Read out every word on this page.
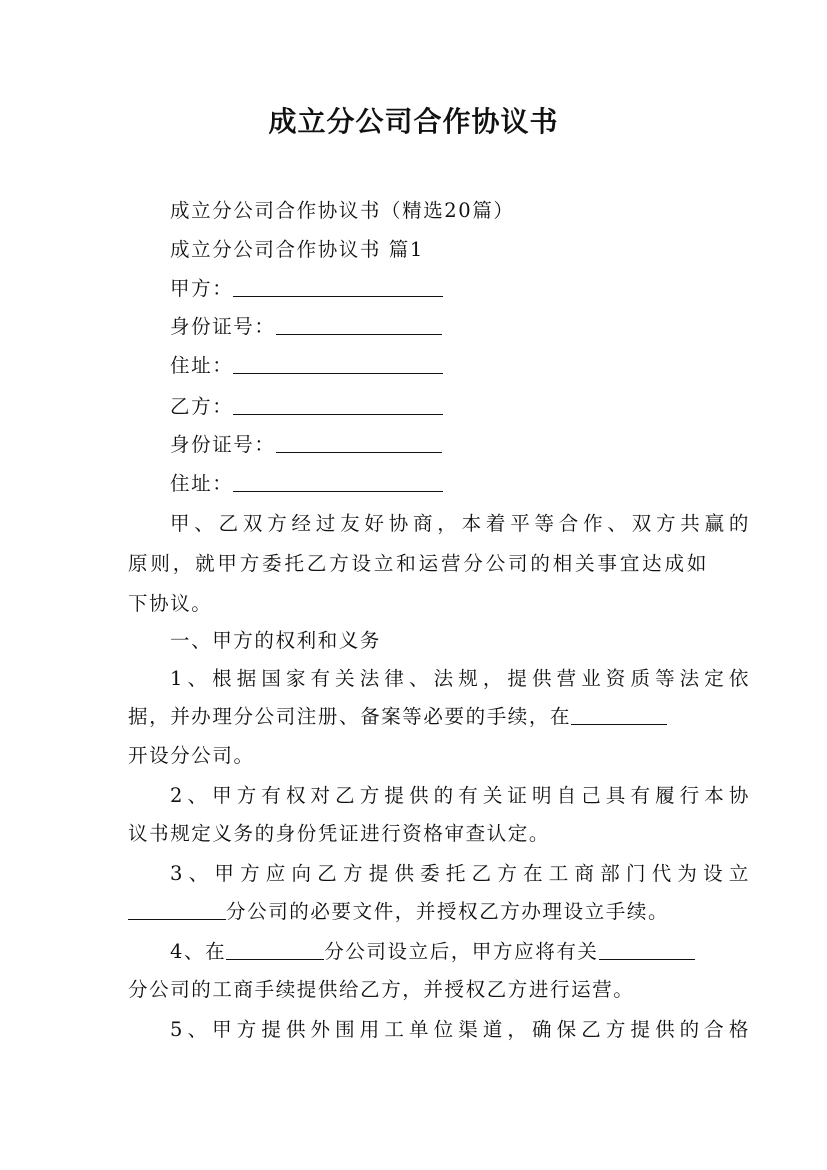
成立分公司合作协议书
成立分公司合作协议书（精选20篇）
成立分公司合作协议书 篇1
甲方：
身份证号：
住址：
乙方：
身份证号：
住址：
甲、乙双方经过友好协商，本着平等合作、双方共赢的
原则，就甲方委托乙方设立和运营分公司的相关事宜达成如
下协议。
一、甲方的权利和义务
1、根据国家有关法律、法规，提供营业资质等法定依
据，并办理分公司注册、备案等必要的手续，在
开设分公司。
2、甲方有权对乙方提供的有关证明自己具有履行本协
议书规定义务的身份凭证进行资格审查认定。
3、甲方应向乙方提供委托乙方在工商部门代为设立
分公司的必要文件，并授权乙方办理设立手续。
4、在	分公司设立后，甲方应将有关
分公司的工商手续提供给乙方，并授权乙方进行运营。
5、甲方提供外围用工单位渠道，确保乙方提供的合格
